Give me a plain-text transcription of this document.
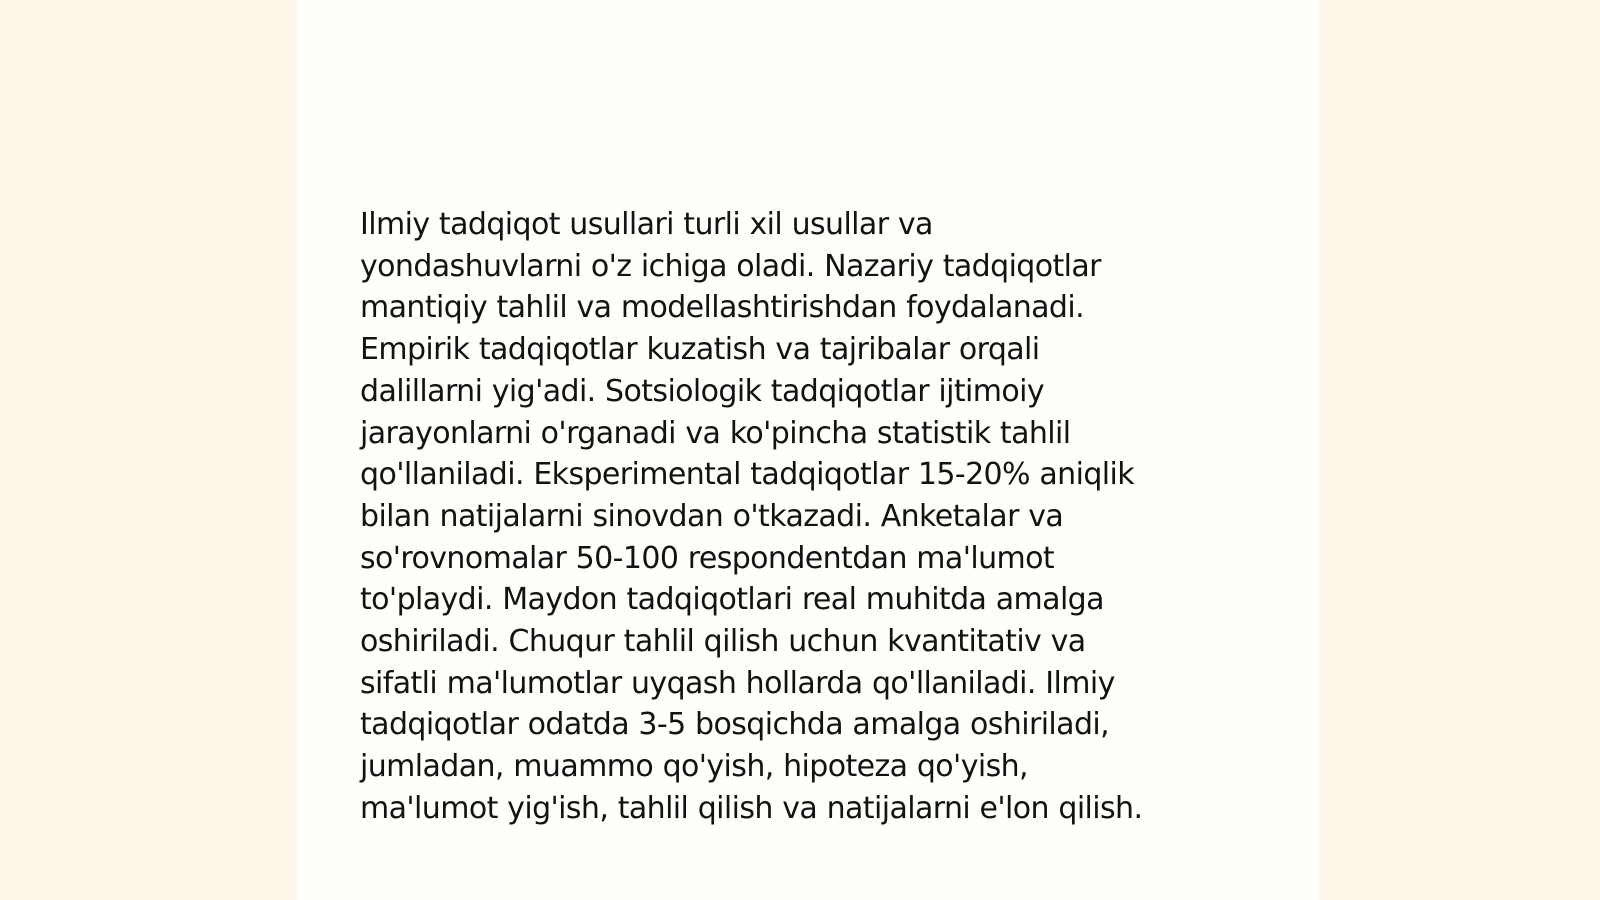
Ilmiy tadqiqot usullari turli xil usullar va
yondashuvlarni o'z ichiga oladi. Nazariy tadqiqotlar
mantiqiy tahlil va modellashtirishdan foydalanadi.
Empirik tadqiqotlar kuzatish va tajribalar orqali
dalillarni yig'adi. Sotsiologik tadqiqotlar ijtimoiy
jarayonlarni o'rganadi va ko'pincha statistik tahlil
qo'llaniladi. Eksperimental tadqiqotlar 15-20% aniqlik
bilan natijalarni sinovdan o'tkazadi. Anketalar va
so'rovnomalar 50-100 respondentdan ma'lumot
to'playdi. Maydon tadqiqotlari real muhitda amalga
oshiriladi. Chuqur tahlil qilish uchun kvantitativ va
sifatli ma'lumotlar uyqash hollarda qo'llaniladi. Ilmiy
tadqiqotlar odatda 3-5 bosqichda amalga oshiriladi,
jumladan, muammo qo'yish, hipoteza qo'yish,
ma'lumot yig'ish, tahlil qilish va natijalarni e'lon qilish.
